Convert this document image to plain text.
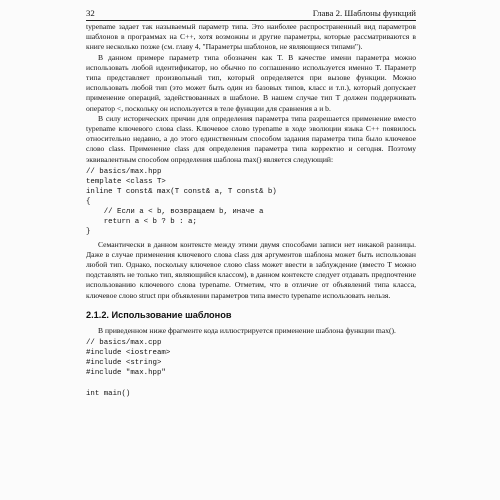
32	Глава 2. Шаблоны функций

typename задает так называемый параметр типа. Это наиболее распространенный вид параметров шаблонов в программах на C++, хотя возможны и другие параметры, которые рассматриваются в книге несколько позже (см. главу 4, "Параметры шаблонов, не являющиеся типами").

В данном примере параметр типа обозначен как T. В качестве имени параметра можно использовать любой идентификатор, но обычно по соглашению используется именно T. Параметр типа представляет произвольный тип, который определяется при вызове функции. Можно использовать любой тип (это может быть один из базовых типов, класс и т.п.), который допускает применение операций, задействованных в шаблоне. В нашем случае тип T должен поддерживать оператор <, поскольку он используется в теле функции для сравнения a и b.

В силу исторических причин для определения параметра типа разрешается применение вместо typename ключевого слова class. Ключевое слово typename в ходе эволюции языка C++ появилось относительно недавно, а до этого единственным способом задания параметра типа было ключевое слово class. Применение class для определения параметра типа корректно и сегодня. Поэтому эквивалентным способом определения шаблона max() является следующий:

// basics/max.hpp
template <class T>
inline T const& max(T const& a, T const& b)
{
// Если a < b, возвращаем b, иначе a
return a < b ? b : a;
}

Семантически в данном контексте между этими двумя способами записи нет никакой разницы. Даже в случае применения ключевого слова class для аргументов шаблона может быть использован любой тип. Однако, поскольку ключевое слово class может ввести в заблуждение (вместо T можно подставлять не только тип, являющийся классом), в данном контексте следует отдавать предпочтение использованию ключевого слова typename. Отметим, что в отличие от объявлений типа класса, ключевое слово struct при объявлении параметров типа вместо typename использовать нельзя.

2.1.2. Использование шаблонов

В приведенном ниже фрагменте кода иллюстрируется применение шаблона функции max().

// basics/max.cpp
#include <iostream>
#include <string>
#include "max.hpp"

int main()
